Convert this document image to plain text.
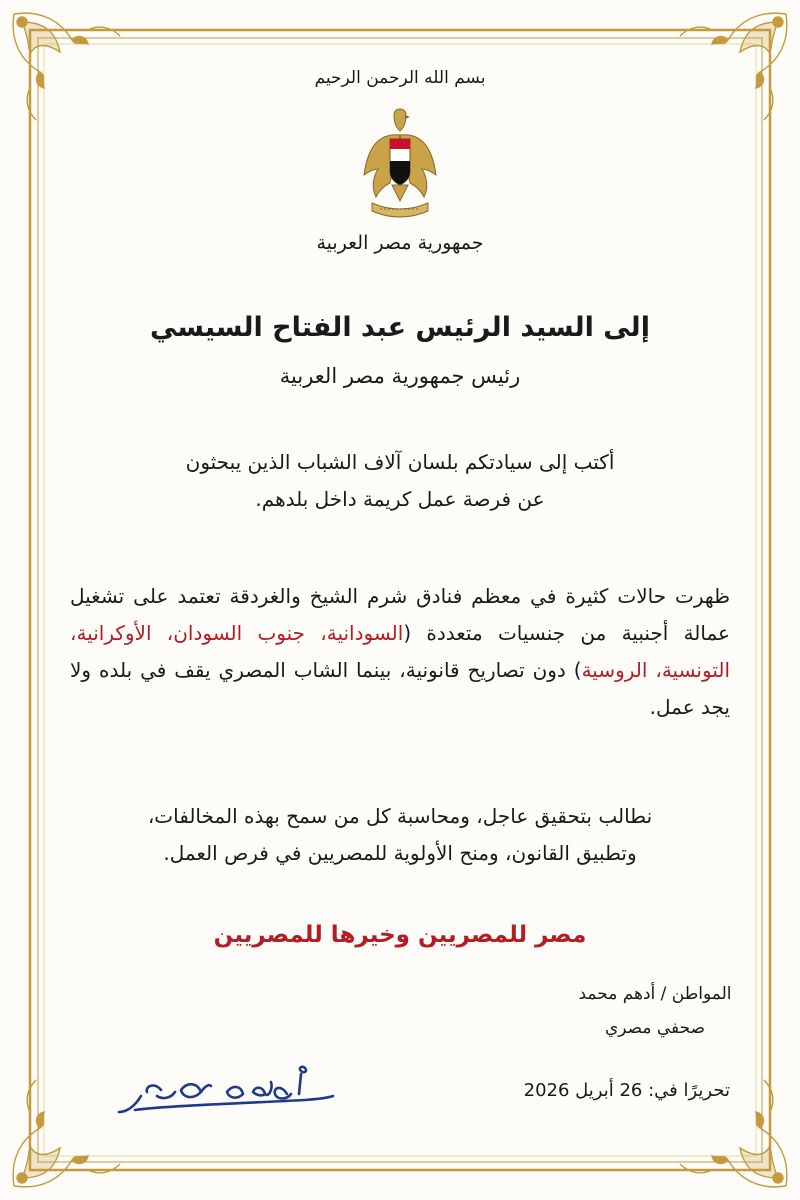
بسم الله الرحمن الرحيم
جمهورية مصر العربية
إلى السيد الرئيس عبد الفتاح السيسي
رئيس جمهورية مصر العربية
أكتب إلى سيادتكم بلسان آلاف الشباب الذين يبحثون
عن فرصة عمل كريمة داخل بلدهم.
ظهرت حالات كثيرة في معظم فنادق شرم الشيخ والغردقة تعتمد على تشغيل عمالة أجنبية من جنسيات متعددة (السودانية، جنوب السودان، الأوكرانية، التونسية، الروسية) دون تصاريح قانونية، بينما الشاب المصري يقف في بلده ولا يجد عمل.
نطالب بتحقيق عاجل، ومحاسبة كل من سمح بهذه المخالفات،
وتطبيق القانون، ومنح الأولوية للمصريين في فرص العمل.
مصر للمصريين وخيرها للمصريين
المواطن / أدهم محمد
صحفي مصري
تحريرًا في: 26 أبريل 2026
